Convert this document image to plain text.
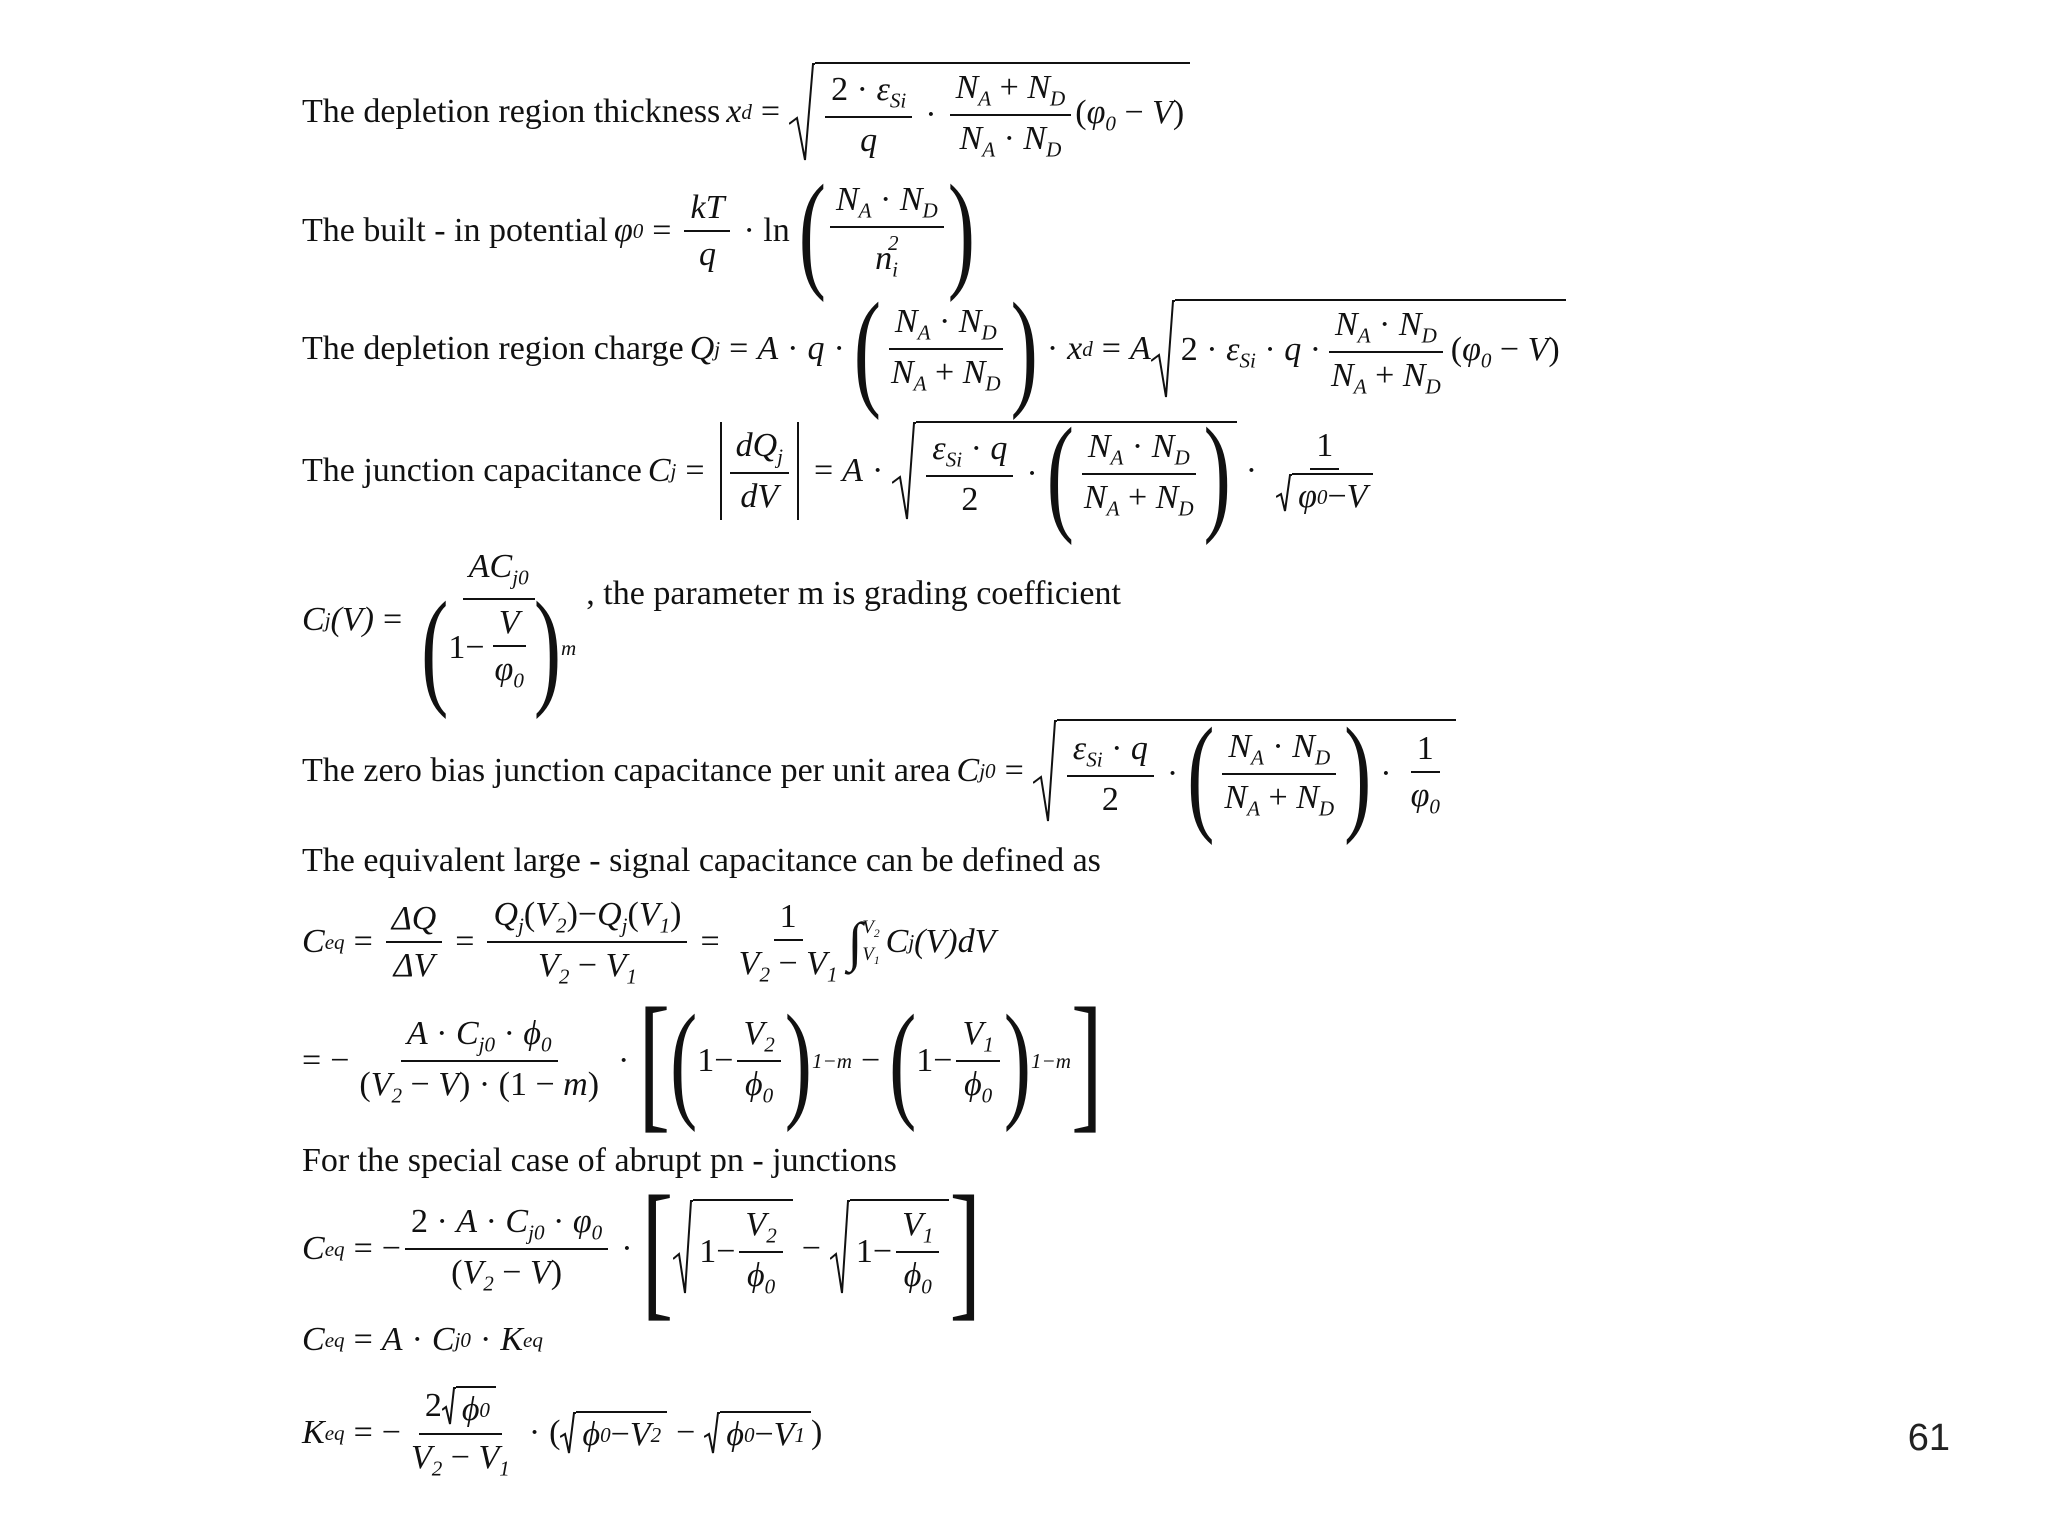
The depletion region thickness x d =
$2 \cdot \varepsilon_{Si}$
q
·
$N_A + N_D$
$N_A \cdot N_D$
$(\varphi_0 - V)$
The built - in potential φ $0 = \frac{kT}{q} \cdot \ln$ ( $N_A \cdot N_D$
$n_i^2$ )
The depletion region charge Q j = A · q · ( $N_A \cdot N_D$
$N_A + N_D$ ) · x d = A $2 \cdot \varepsilon_{Si} \cdot q$ ·
$N_A \cdot N_D$
$N_A + N_D$
$(\varphi_0 - V)$
The junction capacitance C j =
$dQ_j$
dV
= A ·
$\varepsilon_{Si} \cdot q$
2
· ( $N_A \cdot N_D$
$N_A + N_D$ ) ·
1
φ 0 − V
C j (V) =
$AC_{j0}$
( 1−
V
$\varphi_0$ ) m
, the parameter m is grading coefficient
The zero bias junction capacitance per unit area C j0 =
$\varepsilon_{Si} \cdot q$
2
· ( $N_A \cdot N_D$
$N_A + N_D$ ) ·
1
$\varphi_0$
The equivalent large - signal capacitance can be defined as
C eq = $\frac{\Delta Q}{\Delta V} = \frac{Q_j(V_2)-Q_j(V_1)}{V_2 - V_1} = \frac{1}{V_2 - V_1}$ ∫ $V_2$
$V_1$
C j (V)dV
= − $\frac{A \cdot C_{j0} \cdot \phi_0}{(V_2 - V) \cdot (1 - m)}$ · [ ( 1−
$V_2$
$\phi_0$ ) 1−m − ( 1−
$V_1$
$\phi_0$ ) 1−m ]
For the special case of abrupt pn - junctions
C eq = − $\frac{2 \cdot A \cdot C_{j0} \cdot \varphi_0}{(V_2 - V)}$ · [ 1−
$V_2$
$\phi_0$
− 1−
$V_1$
$\phi_0$ ]
C eq = A · C j0 · K eq
K eq = − $\frac{2 \phi 0}{V_2 - V_1}$ · ( ϕ 0 − V 2 − ϕ 0 − V 1 )	61
